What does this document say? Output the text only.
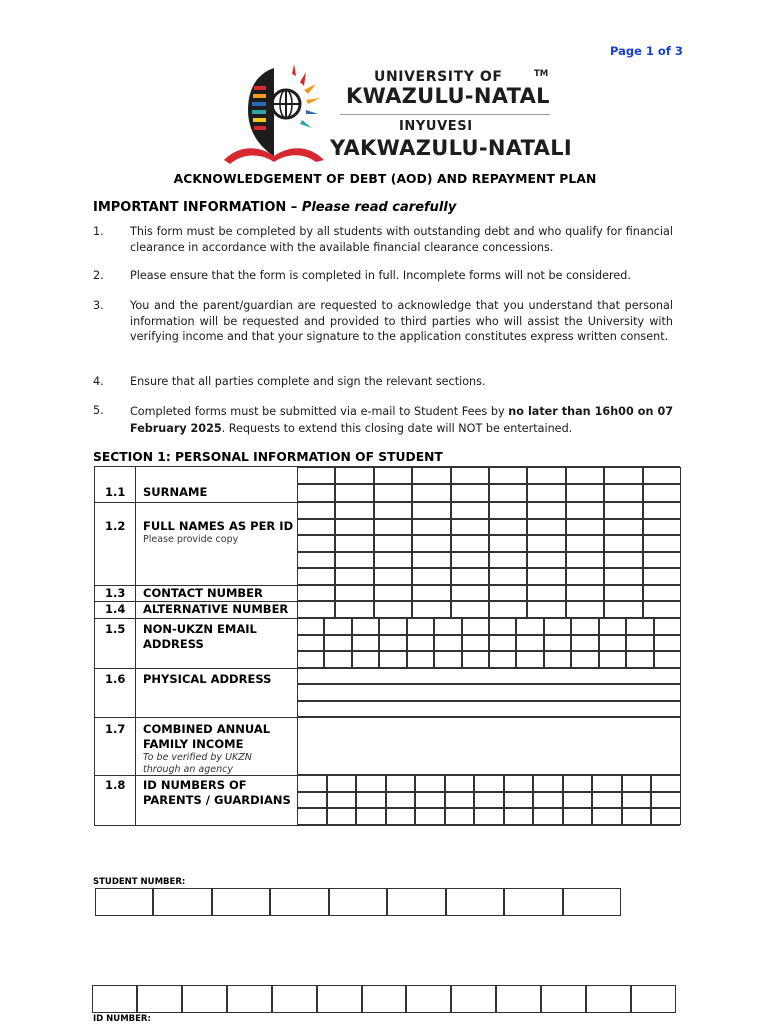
Page 1 of 3
UNIVERSITY OF	TM
KWAZULU-NATAL
INYUVESI
YAKWAZULU-NATALI
ACKNOWLEDGEMENT OF DEBT (AOD) AND REPAYMENT PLAN
IMPORTANT INFORMATION – Please read carefully
1. This form must be completed by all students with outstanding debt and who qualify for financial clearance in accordance with the available financial clearance concessions.
2. Please ensure that the form is completed in full. Incomplete forms will not be considered.
3. You and the parent/guardian are requested to acknowledge that you understand that personal information will be requested and provided to third parties who will assist the University with verifying income and that your signature to the application constitutes express written consent.
4. Ensure that all parties complete and sign the relevant sections.
5. Completed forms must be submitted via e-mail to Student Fees by no later than 16h00 on 07 February 2025. Requests to extend this closing date will NOT be entertained.
SECTION 1: PERSONAL INFORMATION OF STUDENT
1.1 SURNAME
1.2 FULL NAMES AS PER ID
Please provide copy
1.3 CONTACT NUMBER
1.4 ALTERNATIVE NUMBER
1.5 NON-UKZN EMAIL
ADDRESS
1.6 PHYSICAL ADDRESS
1.7 COMBINED ANNUAL
FAMILY INCOME
To be verified by UKZN
through an agency
1.8 ID NUMBERS OF
PARENTS / GUARDIANS
STUDENT NUMBER:
ID NUMBER:
